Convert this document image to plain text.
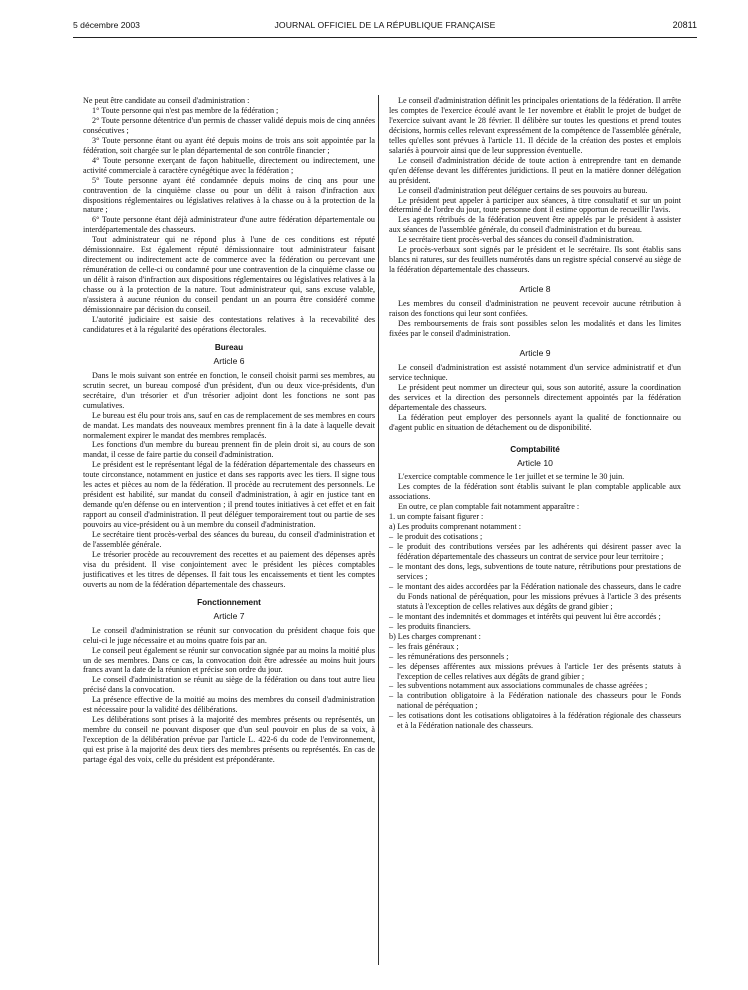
5 décembre 2003	JOURNAL OFFICIEL DE LA RÉPUBLIQUE FRANÇAISE	20811

Ne peut être candidate au conseil d'administration :

1° Toute personne qui n'est pas membre de la fédération ;

2° Toute personne détentrice d'un permis de chasser validé depuis mois de cinq années consécutives ;

3° Toute personne étant ou ayant été depuis moins de trois ans soit appointée par la fédération, soit chargée sur le plan départemental de son contrôle financier ;

4° Toute personne exerçant de façon habituelle, directement ou indirectement, une activité commerciale à caractère cynégétique avec la fédération ;

5° Toute personne ayant été condamnée depuis moins de cinq ans pour une contravention de la cinquième classe ou pour un délit à raison d'infraction aux dispositions réglementaires ou législatives relatives à la chasse ou à la protection de la nature ;

6° Toute personne étant déjà administrateur d'une autre fédération départementale ou interdépartementale des chasseurs.

Tout administrateur qui ne répond plus à l'une de ces conditions est réputé démissionnaire. Est également réputé démissionnaire tout administrateur faisant directement ou indirectement acte de commerce avec la fédération ou percevant une rémunération de celle-ci ou condamné pour une contravention de la cinquième classe ou un délit à raison d'infraction aux dispositions réglementaires ou législatives relatives à la chasse ou à la protection de la nature. Tout administrateur qui, sans excuse valable, n'assistera à aucune réunion du conseil pendant un an pourra être considéré comme démissionnaire par décision du conseil.

L'autorité judiciaire est saisie des contestations relatives à la recevabilité des candidatures et à la régularité des opérations électorales.

Bureau
Article 6

Dans le mois suivant son entrée en fonction, le conseil choisit parmi ses membres, au scrutin secret, un bureau composé d'un président, d'un ou deux vice-présidents, d'un secrétaire, d'un trésorier et d'un trésorier adjoint dont les fonctions ne sont pas cumulatives.

Le bureau est élu pour trois ans, sauf en cas de remplacement de ses membres en cours de mandat. Les mandats des nouveaux membres prennent fin à la date à laquelle devait normalement expirer le mandat des membres remplacés.

Les fonctions d'un membre du bureau prennent fin de plein droit si, au cours de son mandat, il cesse de faire partie du conseil d'administration.

Le président est le représentant légal de la fédération départementale des chasseurs en toute circonstance, notamment en justice et dans ses rapports avec les tiers. Il signe tous les actes et pièces au nom de la fédération. Il procède au recrutement des personnels. Le président est habilité, sur mandat du conseil d'administration, à agir en justice tant en demande qu'en défense ou en intervention ; il prend toutes initiatives à cet effet et en fait rapport au conseil d'administration. Il peut déléguer temporairement tout ou partie de ses pouvoirs au vice-président ou à un membre du conseil d'administration.

Le secrétaire tient procès-verbal des séances du bureau, du conseil d'administration et de l'assemblée générale.

Le trésorier procède au recouvrement des recettes et au paiement des dépenses après visa du président. Il vise conjointement avec le président les pièces comptables justificatives et les titres de dépenses. Il fait tous les encaissements et tient les comptes ouverts au nom de la fédération départementale des chasseurs.

Fonctionnement
Article 7

Le conseil d'administration se réunit sur convocation du président chaque fois que celui-ci le juge nécessaire et au moins quatre fois par an.

Le conseil peut également se réunir sur convocation signée par au moins la moitié plus un de ses membres. Dans ce cas, la convocation doit être adressée au moins huit jours francs avant la date de la réunion et précise son ordre du jour.

Le conseil d'administration se réunit au siège de la fédération ou dans tout autre lieu précisé dans la convocation.

La présence effective de la moitié au moins des membres du conseil d'administration est nécessaire pour la validité des délibérations.

Les délibérations sont prises à la majorité des membres présents ou représentés, un membre du conseil ne pouvant disposer que d'un seul pouvoir en plus de sa voix, à l'exception de la délibération prévue par l'article L. 422-6 du code de l'environnement, qui est prise à la majorité des deux tiers des membres présents ou représentés. En cas de partage égal des voix, celle du président est prépondérante.

Le conseil d'administration définit les principales orientations de la fédération. Il arrête les comptes de l'exercice écoulé avant le 1er novembre et établit le projet de budget de l'exercice suivant avant le 28 février. Il délibère sur toutes les questions et prend toutes décisions, hormis celles relevant expressément de la compétence de l'assemblée générale, telles qu'elles sont prévues à l'article 11. Il décide de la création des postes et emplois salariés à pourvoir ainsi que de leur suppression éventuelle.

Le conseil d'administration décide de toute action à entreprendre tant en demande qu'en défense devant les différentes juridictions. Il peut en la matière donner délégation au président.

Le conseil d'administration peut déléguer certains de ses pouvoirs au bureau.

Le président peut appeler à participer aux séances, à titre consultatif et sur un point déterminé de l'ordre du jour, toute personne dont il estime opportun de recueillir l'avis.

Les agents rétribués de la fédération peuvent être appelés par le président à assister aux séances de l'assemblée générale, du conseil d'administration et du bureau.

Le secrétaire tient procès-verbal des séances du conseil d'administration.

Le procès-verbaux sont signés par le président et le secrétaire. Ils sont établis sans blancs ni ratures, sur des feuillets numérotés dans un registre spécial conservé au siège de la fédération départementale des chasseurs.

Article 8

Les membres du conseil d'administration ne peuvent recevoir aucune rétribution à raison des fonctions qui leur sont confiées.

Des remboursements de frais sont possibles selon les modalités et dans les limites fixées par le conseil d'administration.

Article 9

Le conseil d'administration est assisté notamment d'un service administratif et d'un service technique.

Le président peut nommer un directeur qui, sous son autorité, assure la coordination des services et la direction des personnels directement appointés par la fédération départementale des chasseurs.

La fédération peut employer des personnels ayant la qualité de fonctionnaire ou d'agent public en situation de détachement ou de disponibilité.

Comptabilité
Article 10

L'exercice comptable commence le 1er juillet et se termine le 30 juin.

Les comptes de la fédération sont établis suivant le plan comptable applicable aux associations.

En outre, ce plan comptable fait notamment apparaître :

1. un compte faisant figurer :

a) Les produits comprenant notamment :

– le produit des cotisations ;

– le produit des contributions versées par les adhérents qui désirent passer avec la fédération départementale des chasseurs un contrat de service pour leur territoire ;

– le montant des dons, legs, subventions de toute nature, rétributions pour prestations de services ;

– le montant des aides accordées par la Fédération nationale des chasseurs, dans le cadre du Fonds national de péréquation, pour les missions prévues à l'article 3 des présents statuts à l'exception de celles relatives aux dégâts de grand gibier ;

– le montant des indemnités et dommages et intérêts qui peuvent lui être accordés ;

– les produits financiers.

b) Les charges comprenant :

– les frais généraux ;

– les rémunérations des personnels ;

– les dépenses afférentes aux missions prévues à l'article 1er des présents statuts à l'exception de celles relatives aux dégâts de grand gibier ;

– les subventions notamment aux associations communales de chasse agréées ;

– la contribution obligatoire à la Fédération nationale des chasseurs pour le Fonds national de péréquation ;

– les cotisations dont les cotisations obligatoires à la fédération régionale des chasseurs et à la Fédération nationale des chasseurs.
